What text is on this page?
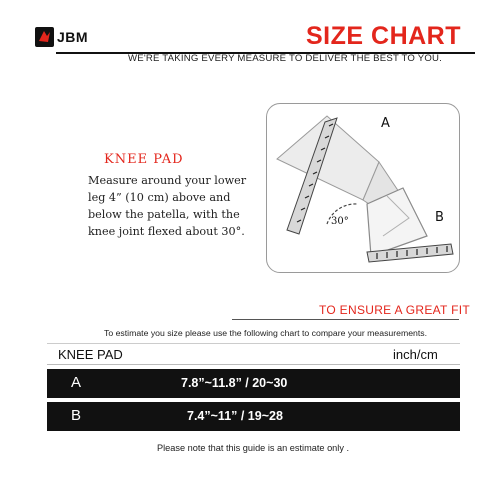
JBM	SIZE CHART
WE'RE TAKING EVERY MEASURE TO DELIVER THE BEST TO YOU.
KNEE PAD
Measure around your lower leg 4” (10 cm) above and below the patella, with the knee joint flexed about 30°.
A
B
30°
TO ENSURE A GREAT FIT
To estimate you size please use the following chart to compare your measurements.
KNEE PAD	inch/cm
A	7.8”~11.8” / 20~30
B	7.4”~11” / 19~28
Please note that this guide is an estimate only .
